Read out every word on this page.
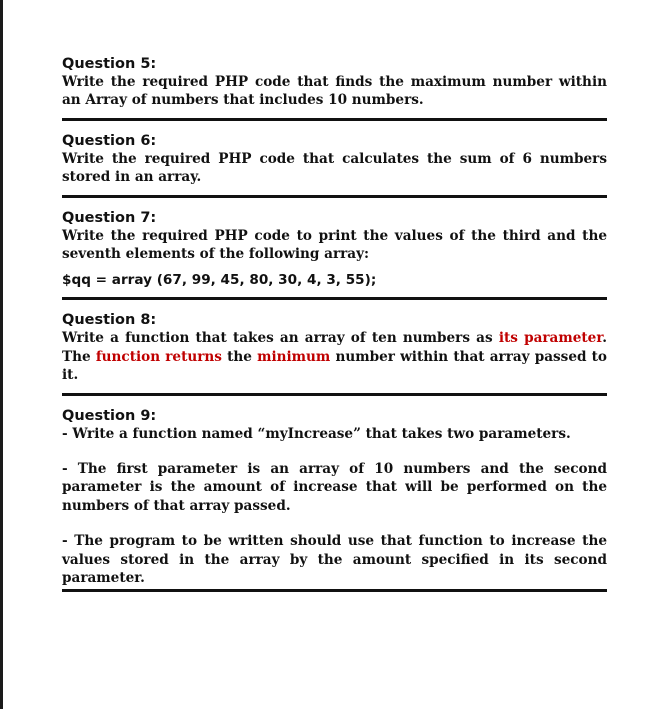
Question 5:

Write the required PHP code that finds the maximum number within an Array of numbers that includes 10 numbers.

Question 6:

Write the required PHP code that calculates the sum of 6 numbers stored in an array.

Question 7:

Write the required PHP code to print the values of the third and the seventh elements of the following array:

$qq = array (67, 99, 45, 80, 30, 4, 3, 55);

Question 8:

Write a function that takes an array of ten numbers as its parameter. The function returns the minimum number within that array passed to it.

Question 9:

- Write a function named “myIncrease” that takes two parameters.

- The first parameter is an array of 10 numbers and the second parameter is the amount of increase that will be performed on the numbers of that array passed.

- The program to be written should use that function to increase the values stored in the array by the amount specified in its second parameter.
